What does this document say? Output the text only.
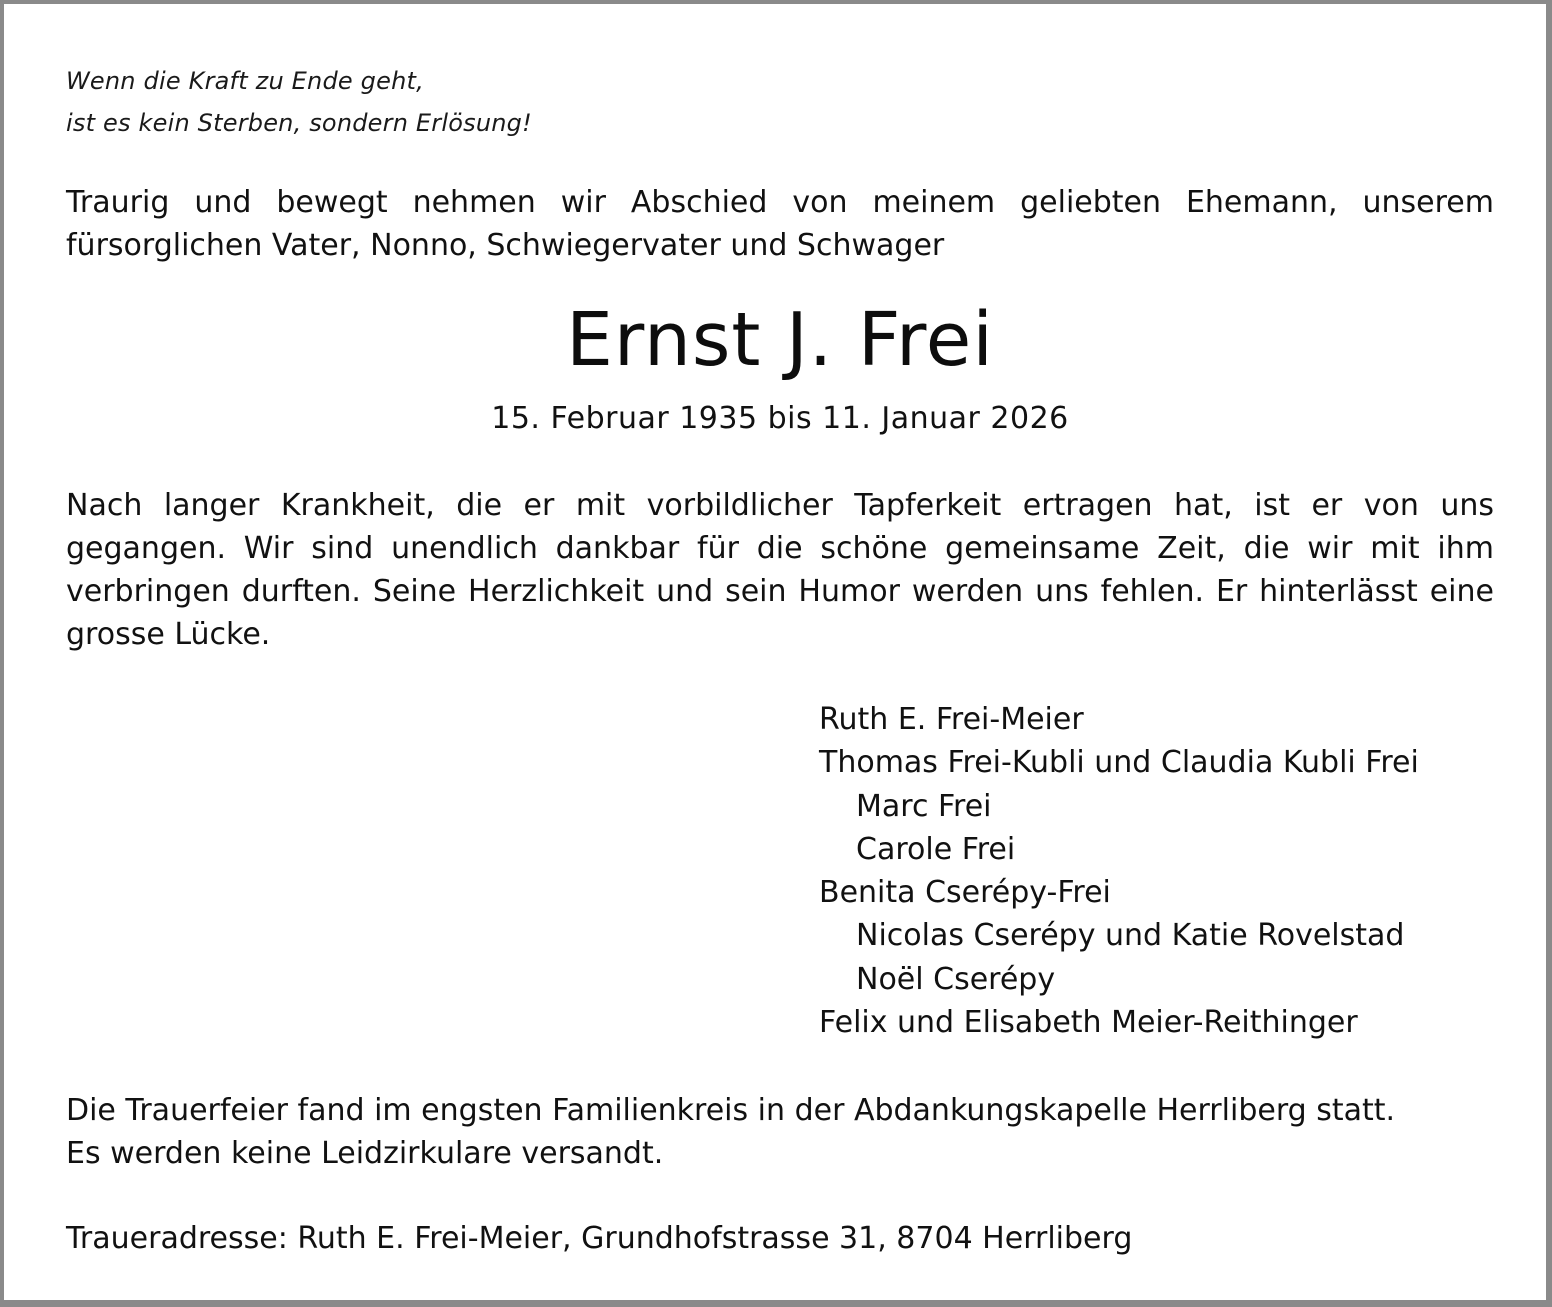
Wenn die Kraft zu Ende geht,
ist es kein Sterben, sondern Erlösung!
Traurig und bewegt nehmen wir Abschied von meinem geliebten Ehemann, unserem fürsorglichen Vater, Nonno, Schwiegervater und Schwager
Ernst J. Frei
15. Februar 1935 bis 11. Januar 2026
Nach langer Krankheit, die er mit vorbildlicher Tapferkeit ertragen hat, ist er von uns gegangen. Wir sind unendlich dankbar für die schöne gemeinsame Zeit, die wir mit ihm verbringen durften. Seine Herzlichkeit und sein Humor werden uns fehlen. Er hinterlässt eine grosse Lücke.
Ruth E. Frei-Meier
Thomas Frei-Kubli und Claudia Kubli Frei
Marc Frei
Carole Frei
Benita Cserépy-Frei
Nicolas Cserépy und Katie Rovelstad
Noël Cserépy
Felix und Elisabeth Meier-Reithinger
Die Trauerfeier fand im engsten Familienkreis in der Abdankungskapelle Herrliberg statt.
Es werden keine Leidzirkulare versandt.
Traueradresse: Ruth E. Frei-Meier, Grundhofstrasse 31, 8704 Herrliberg
